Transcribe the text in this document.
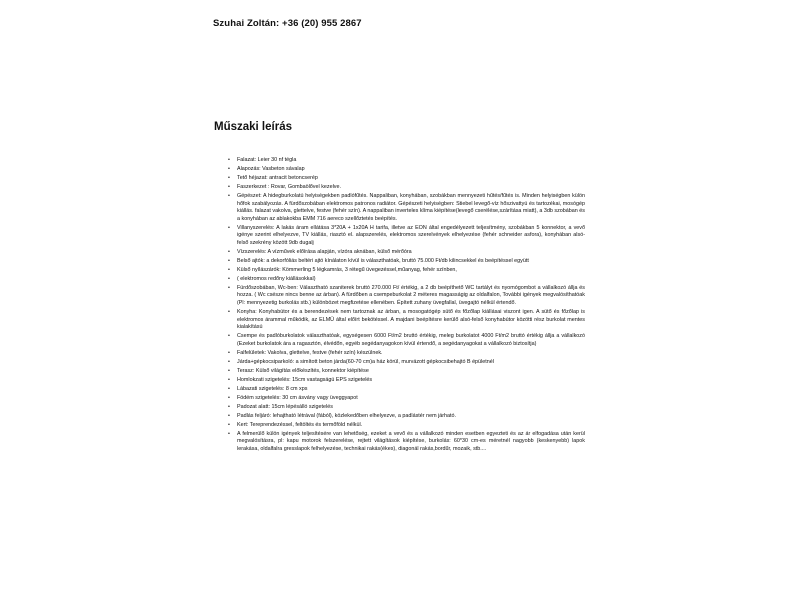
Szuhai Zoltán: +36 (20) 955 2867
Műszaki leírás
• Falazat: Leier 30 nf tégla
• Alapozás: Vasbeton sávalap
• Tető héjazat: antracit betoncserép
• Faszerkezet : Rovar, Gombaölővel kezelve.
• Gépészet: A hidegburkolatú helyiségekben padlófűtés. Nappaliban, konyhában, szobákban mennyezeti hűtés/fűtés is. Minden helyiségben külön hőfok szabályozás. A fürdőszobában elektromos patronos radiátor. Gépészeti helyiségben: Stiebel levegő-víz hőszivattyú és tartozékai, mosógép kiállás. falazat vakolva, glettelve, festve (fehér szín). A nappaliban inverteles klíma kiépítése(levegő cserélése,szárítása miatt), a 3db szobában és a konyhában az ablakokba EMM 716 aereco szellőztetés beépítés.
• Villanyszerelés: A lakás áram ellátása 3*20A + 1x20A H tarifa, illetve az EON által engedélyezett teljesítmény, szobákban 5 konnektor, a vevő igénye szerint elhelyezve, TV kiállás, riasztó el. alapszerelés, elektromos szerelvények elhelyezése (fehér schneider asfora), konyhában alsó-felső szekrény között 9db dugalj
• Vízszerelés: A vízművek előírása alapján, vízóra aknában, külső mérőóra
• Belső ajtók: a dekorfóliás beltéri ajtó kínálaton kívül is választhatóak, bruttó 75.000 Ft/db kilincsekkel és beépítéssel együtt
• Külső nyílászárók: Kömmerling 5 légkamrás, 3 rétegű üvegezéssel,műanyag, fehér színben,
• ( elektromos redőny kiállásokkal)
• Fürdőszobában, Wc-ben: Választható szaniterek bruttó 270.000 Ft/ értékig, a 2 db beépíthető WC tartályt és nyomógombot a vállalkozó állja és hozza. ( Wc csésze nincs benne az árban). A fürdőben a csempeburkolat 2 méteres magasságig az oldalfalon, További igények megvalósíthatóak (Pl: mennyezetig burkolás stb.) különbözet megfizetése ellenében. Épített zuhany üvegfallal, üvegajtó nélkül értendő.
• Konyha: Konyhabútor és a berendezések nem tartoznak az árban, a mosogatógép sütő és főzőlap kiállásai viszont igen. A sütő és főzőlap is elektromos árammal működik, az ELMŰ által előírt bekötéssel. A majdani beépítésre kerülő alsó-felső konyhabútor közötti rész burkolat mentes kialakítású
• Csempe és padlóburkolatok választhatóak, egységesen 6000 Ft/m2 bruttó értékig, meleg burkolatot 4000 Ft/m2 bruttó értékig állja a vállalkozó (Ezeket burkolatok ára a ragasztón, élvédőn, egyéb segédanyagokon kívül értendő, a segédanyagokat a vállalkozó biztosítja)
• Falfelületek: Vakolva, glettelve, festve (fehér szín) készülnek.
• Járda+gépkocsiparkoló: a simított beton járda(60-70 cm)a ház körül, murvázott gépkocsibehajtó B épületnél
• Terasz: Külső világítás előkészítés, konnektor kiépítése
• Homlokzati szigetelés: 15cm vastagságú EPS szigetelés
• Lábazati szigetelés: 8 cm xps
• Födém szigetelés: 30 cm ásvány vagy üveggyapot
• Padozat alatt: 15cm lépésálló szigetelés
• Padlás feljáró: lehajtható létrával (fából), közlekedőben elhelyezve, a padlástér nem járható.
• Kert: Tereprendezéssel, feltöltés és termőföld nélkül.
• A felmerülő külön igények teljesítésére van lehetőség, ezeket a vevő és a vállalkozó minden esetben egyezteti és az ár elfogadása után kerül megvalósításra, pl: kapu motorok felszerelése, rejtett világítások kiépítése, burkolás: 60*30 cm-es méretnél nagyobb (keskenyebb) lapok lerakása, oldalfalra gresslapok felhelyezése, technikai rakás(ékes), diagonál rakás,bordűr, mozaik, stb....
